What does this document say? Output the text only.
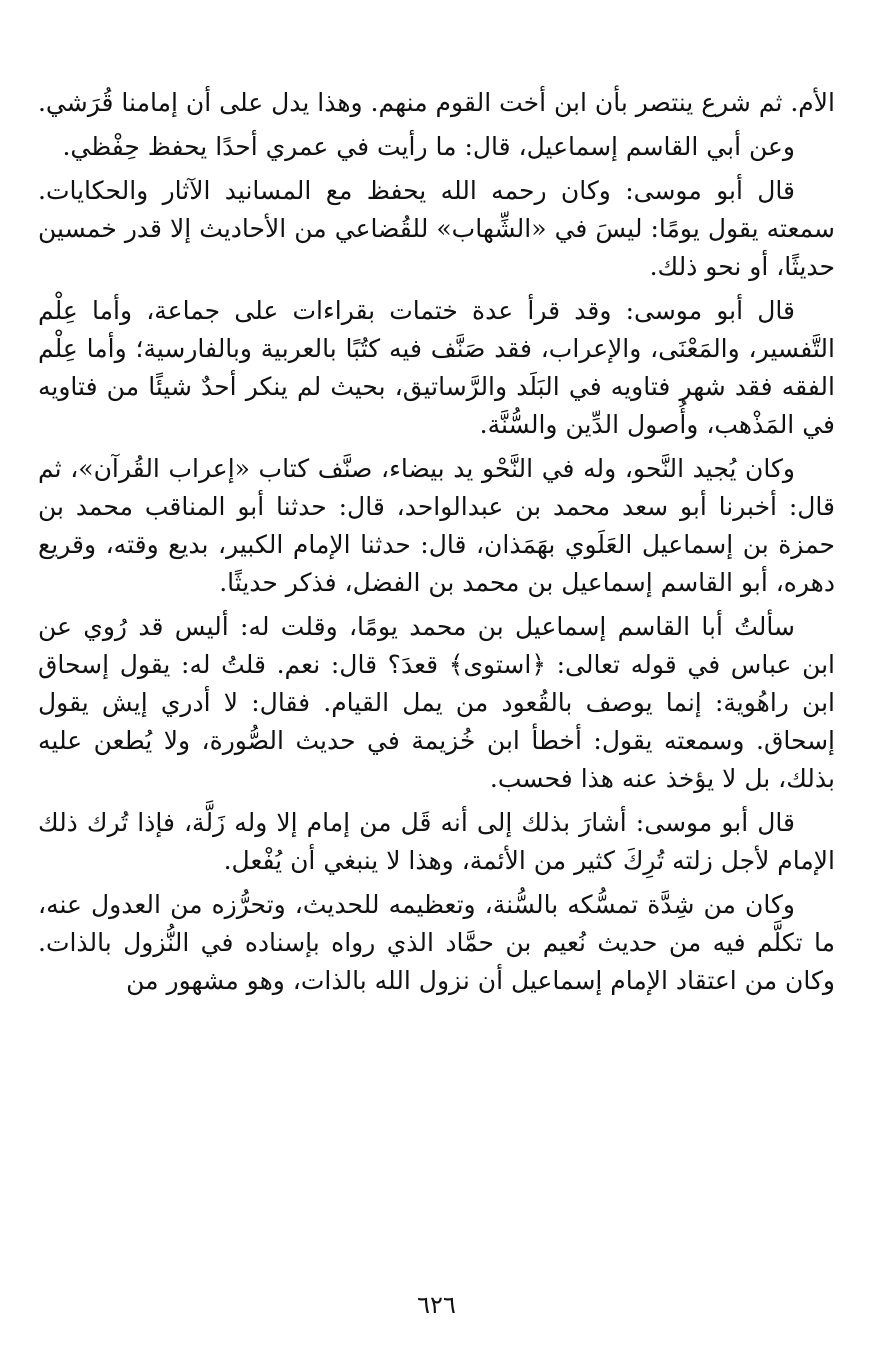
الأم. ثم شرع ينتصر بأن ابن أخت القوم منهم. وهذا يدل على أن إمامنا قُرَشي.

وعن أبي القاسم إسماعيل، قال: ما رأيت في عمري أحدًا يحفظ حِفْظي.

قال أبو موسى: وكان رحمه الله يحفظ مع المسانيد الآثار والحكايات. سمعته يقول يومًا: ليسَ في «الشِّهاب» للقُضاعي من الأحاديث إلا قدر خمسين حديثًا، أو نحو ذلك.

قال أبو موسى: وقد قرأ عدة ختمات بقراءات على جماعة، وأما عِلْم التَّفسير، والمَعْنَى، والإعراب، فقد صَنَّف فيه كتُبًا بالعربية وبالفارسية؛ وأما عِلْم الفقه فقد شهر فتاويه في البَلَد والرَّساتيق، بحيث لم ينكر أحدٌ شيئًا من فتاويه في المَذْهب، وأُصول الدِّين والسُّنَّة.

وكان يُجيد النَّحو، وله في النَّحْو يد بيضاء، صنَّف كتاب «إعراب القُرآن»، ثم قال: أخبرنا أبو سعد محمد بن عبدالواحد، قال: حدثنا أبو المناقب محمد بن حمزة بن إسماعيل العَلَوي بهَمَذان، قال: حدثنا الإمام الكبير، بديع وقته، وقريع دهره، أبو القاسم إسماعيل بن محمد بن الفضل، فذكر حديثًا.

سألتُ أبا القاسم إسماعيل بن محمد يومًا، وقلت له: أليس قد رُوي عن ابن عباس في قوله تعالى: ﴿استوى﴾ قعدَ؟ قال: نعم. قلتُ له: يقول إسحاق ابن راهُوية: إنما يوصف بالقُعود من يمل القيام. فقال: لا أدري إيش يقول إسحاق. وسمعته يقول: أخطأ ابن خُزيمة في حديث الصُّورة، ولا يُطعن عليه بذلك، بل لا يؤخذ عنه هذا فحسب.

قال أبو موسى: أشارَ بذلك إلى أنه قَل من إمام إلا وله زَلَّة، فإذا تُرك ذلك الإمام لأجل زلته تُرِكَ كثير من الأئمة، وهذا لا ينبغي أن يُفْعل.

وكان من شِدَّة تمسُّكه بالسُّنة، وتعظيمه للحديث، وتحرُّزه من العدول عنه، ما تكلَّم فيه من حديث نُعيم بن حمَّاد الذي رواه بإسناده في النُّزول بالذات. وكان من اعتقاد الإمام إسماعيل أن نزول الله بالذات، وهو مشهور من

٦٢٦
